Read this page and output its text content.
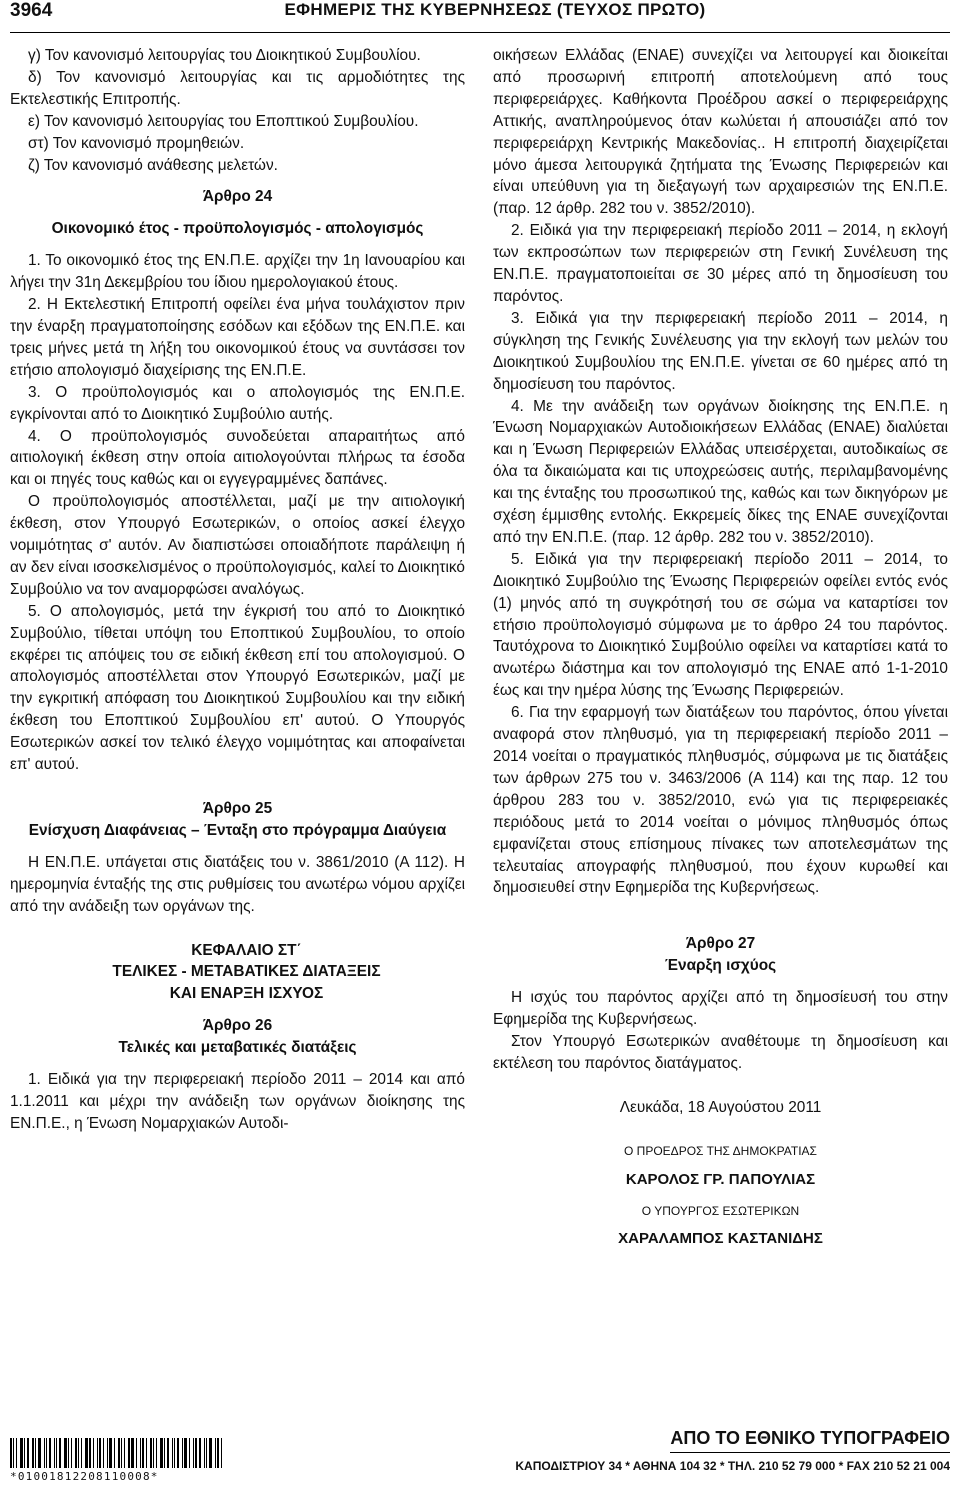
3964	ΕΦΗΜΕΡΙΣ ΤΗΣ ΚΥΒΕΡΝΗΣΕΩΣ (ΤΕΥΧΟΣ ΠΡΩΤΟ)

γ) Τον κανονισμό λειτουργίας του Διοικητικού Συμβουλίου.

δ) Τον κανονισμό λειτουργίας και τις αρμοδιότητες της Εκτελεστικής Επιτροπής.

ε) Τον κανονισμό λειτουργίας του Εποπτικού Συμβουλίου.

στ) Τον κανονισμό προμηθειών.

ζ) Τον κανονισμό ανάθεσης μελετών.

Άρθρο 24

Οικονομικό έτος - προϋπολογισμός - απολογισμός

1. Το οικονομικό έτος της ΕΝ.Π.Ε. αρχίζει την 1η Ιανουαρίου και λήγει την 31η Δεκεμβρίου του ίδιου ημερολογιακού έτους.

2. Η Εκτελεστική Επιτροπή οφείλει ένα μήνα τουλάχιστον πριν την έναρξη πραγματοποίησης εσόδων και εξόδων της ΕΝ.Π.Ε. και τρεις μήνες μετά τη λήξη του οικονομικού έτους να συντάσσει τον ετήσιο απολογισμό διαχείρισης της ΕΝ.Π.Ε.

3. Ο προϋπολογισμός και ο απολογισμός της ΕΝ.Π.Ε. εγκρίνονται από το Διοικητικό Συμβούλιο αυτής.

4. Ο προϋπολογισμός συνοδεύεται απαραιτήτως από αιτιολογική έκθεση στην οποία αιτιολογούνται πλήρως τα έσοδα και οι πηγές τους καθώς και οι εγγεγραμμένες δαπάνες.

Ο προϋπολογισμός αποστέλλεται, μαζί με την αιτιολογική έκθεση, στον Υπουργό Εσωτερικών, ο οποίος ασκεί έλεγχο νομιμότητας σ' αυτόν. Αν διαπιστώσει οποιαδήποτε παράλειψη ή αν δεν είναι ισοσκελισμένος ο προϋπολογισμός, καλεί το Διοικητικό Συμβούλιο να τον αναμορφώσει αναλόγως.

5. Ο απολογισμός, μετά την έγκρισή του από το Διοικητικό Συμβούλιο, τίθεται υπόψη του Εποπτικού Συμβουλίου, το οποίο εκφέρει τις απόψεις του σε ειδική έκθεση επί του απολογισμού. Ο απολογισμός αποστέλλεται στον Υπουργό Εσωτερικών, μαζί με την εγκριτική απόφαση του Διοικητικού Συμβουλίου και την ειδική έκθεση του Εποπτικού Συμβουλίου επ' αυτού. Ο Υπουργός Εσωτερικών ασκεί τον τελικό έλεγχο νομιμότητας και αποφαίνεται επ' αυτού.

Άρθρο 25

Ενίσχυση Διαφάνειας – Ένταξη στο πρόγραμμα Διαύγεια

Η ΕΝ.Π.Ε. υπάγεται στις διατάξεις του ν. 3861/2010 (Α 112). Η ημερομηνία ένταξής της στις ρυθμίσεις του ανωτέρω νόμου αρχίζει από την ανάδειξη των οργάνων της.

ΚΕΦΑΛΑΙΟ ΣΤ΄

ΤΕΛΙΚΕΣ - ΜΕΤΑΒΑΤΙΚΕΣ ΔΙΑΤΑΞΕΙΣ

ΚΑΙ ΕΝΑΡΞΗ ΙΣΧΥΟΣ

Άρθρο 26

Τελικές και μεταβατικές διατάξεις

1. Ειδικά για την περιφερειακή περίοδο 2011 – 2014 και από 1.1.2011 και μέχρι την ανάδειξη των οργάνων διοίκησης της ΕΝ.Π.Ε., η Ένωση Νομαρχιακών Αυτοδι-

οικήσεων Ελλάδας (ΕΝΑΕ) συνεχίζει να λειτουργεί και διοικείται από προσωρινή επιτροπή αποτελούμενη από τους περιφερειάρχες. Καθήκοντα Προέδρου ασκεί ο περιφερειάρχης Αττικής, αναπληρούμενος όταν κωλύεται ή απουσιάζει από τον περιφερειάρχη Κεντρικής Μακεδονίας.. Η επιτροπή διαχειρίζεται μόνο άμεσα λειτουργικά ζητήματα της Ένωσης Περιφερειών και είναι υπεύθυνη για τη διεξαγωγή των αρχαιρεσιών της ΕΝ.Π.Ε. (παρ. 12 άρθρ. 282 του ν. 3852/2010).

2. Ειδικά για την περιφερειακή περίοδο 2011 – 2014, η εκλογή των εκπροσώπων των περιφερειών στη Γενική Συνέλευση της ΕΝ.Π.Ε. πραγματοποιείται σε 30 μέρες από τη δημοσίευση του παρόντος.

3. Ειδικά για την περιφερειακή περίοδο 2011 – 2014, η σύγκληση της Γενικής Συνέλευσης για την εκλογή των μελών του Διοικητικού Συμβουλίου της ΕΝ.Π.Ε. γίνεται σε 60 ημέρες από τη δημοσίευση του παρόντος.

4. Με την ανάδειξη των οργάνων διοίκησης της ΕΝ.Π.Ε. η Ένωση Νομαρχιακών Αυτοδιοικήσεων Ελλάδας (ΕΝΑΕ) διαλύεται και η Ένωση Περιφερειών Ελλάδας υπεισέρχεται, αυτοδικαίως σε όλα τα δικαιώματα και τις υποχρεώσεις αυτής, περιλαμβανομένης και της ένταξης του προσωπικού της, καθώς και των δικηγόρων με σχέση έμμισθης εντολής. Εκκρεμείς δίκες της ΕΝΑΕ συνεχίζονται από την ΕΝ.Π.Ε. (παρ. 12 άρθρ. 282 του ν. 3852/2010).

5. Ειδικά για την περιφερειακή περίοδο 2011 – 2014, το Διοικητικό Συμβούλιο της Ένωσης Περιφερειών οφείλει εντός ενός (1) μηνός από τη συγκρότησή του σε σώμα να καταρτίσει τον ετήσιο προϋπολογισμό σύμφωνα με το άρθρο 24 του παρόντος. Ταυτόχρονα το Διοικητικό Συμβούλιο οφείλει να καταρτίσει κατά το ανωτέρω διάστημα και τον απολογισμό της ΕΝΑΕ από 1-1-2010 έως και την ημέρα λύσης της Ένωσης Περιφερειών.

6. Για την εφαρμογή των διατάξεων του παρόντος, όπου γίνεται αναφορά στον πληθυσμό, για τη περιφερειακή περίοδο 2011 – 2014 νοείται ο πραγματικός πληθυσμός, σύμφωνα με τις διατάξεις των άρθρων 275 του ν. 3463/2006 (Α 114) και της παρ. 12 του άρθρου 283 του ν. 3852/2010, ενώ για τις περιφερειακές περιόδους μετά το 2014 νοείται ο μόνιμος πληθυσμός όπως εμφανίζεται στους επίσημους πίνακες των αποτελεσμάτων της τελευταίας απογραφής πληθυσμού, που έχουν κυρωθεί και δημοσιευθεί στην Εφημερίδα της Κυβερνήσεως.

Άρθρο 27

Έναρξη ισχύος

Η ισχύς του παρόντος αρχίζει από τη δημοσίευσή του στην Εφημερίδα της Κυβερνήσεως.

Στον Υπουργό Εσωτερικών αναθέτουμε τη δημοσίευση και εκτέλεση του παρόντος διατάγματος.

Λευκάδα, 18 Αυγούστου 2011

Ο ΠΡΟΕΔΡΟΣ ΤΗΣ ΔΗΜΟΚΡΑΤΙΑΣ

ΚΑΡΟΛΟΣ ΓΡ. ΠΑΠΟΥΛΙΑΣ

Ο ΥΠΟΥΡΓΟΣ ΕΣΩΤΕΡΙΚΩΝ

ΧΑΡΑΛΑΜΠΟΣ ΚΑΣΤΑΝΙΔΗΣ

*01001812208110008*
ΑΠΟ ΤΟ ΕΘΝΙΚΟ ΤΥΠΟΓΡΑΦΕΙΟ
ΚΑΠΟΔΙΣΤΡΙΟΥ 34 * ΑΘΗΝΑ 104 32 * ΤΗΛ. 210 52 79 000 * FAX 210 52 21 004
